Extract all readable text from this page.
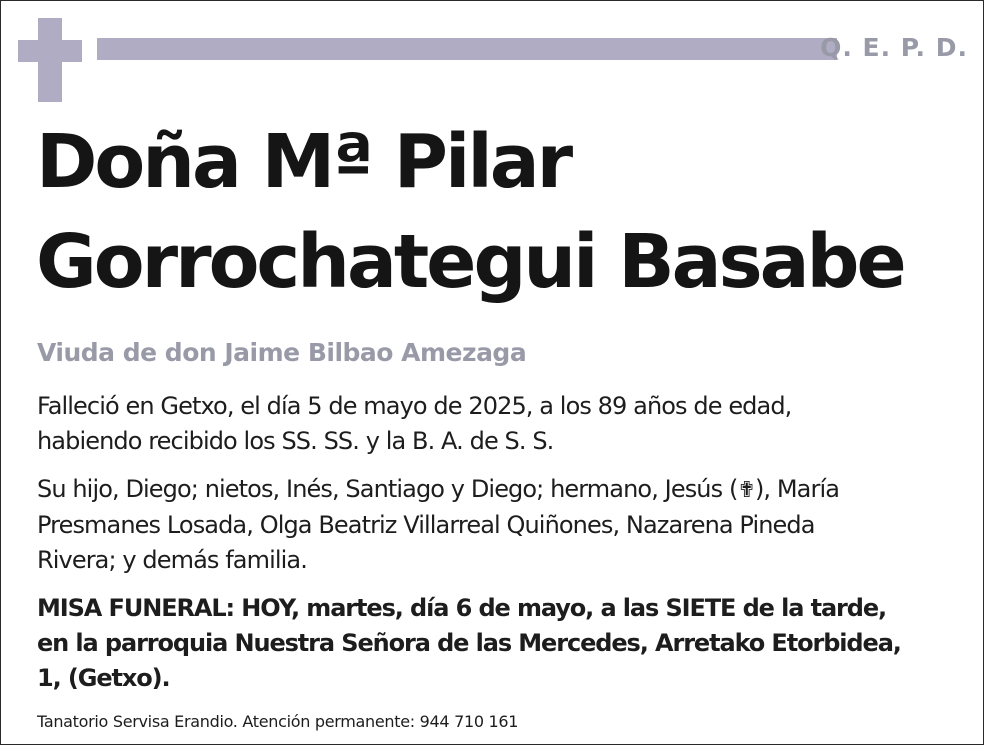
Q. E. P. D.
Doña Mª Pilar
Gorrochategui Basabe
Viuda de don Jaime Bilbao Amezaga
Falleció en Getxo, el día 5 de mayo de 2025, a los 89 años de edad,
habiendo recibido los SS. SS. y la B. A. de S. S.
Su hijo, Diego; nietos, Inés, Santiago y Diego; hermano, Jesús (✟), María
Presmanes Losada, Olga Beatriz Villarreal Quiñones, Nazarena Pineda
Rivera; y demás familia.
MISA FUNERAL: HOY, martes, día 6 de mayo, a las SIETE de la tarde,
en la parroquia Nuestra Señora de las Mercedes, Arretako Etorbidea,
1, (Getxo).
Tanatorio Servisa Erandio. Atención permanente: 944 710 161
